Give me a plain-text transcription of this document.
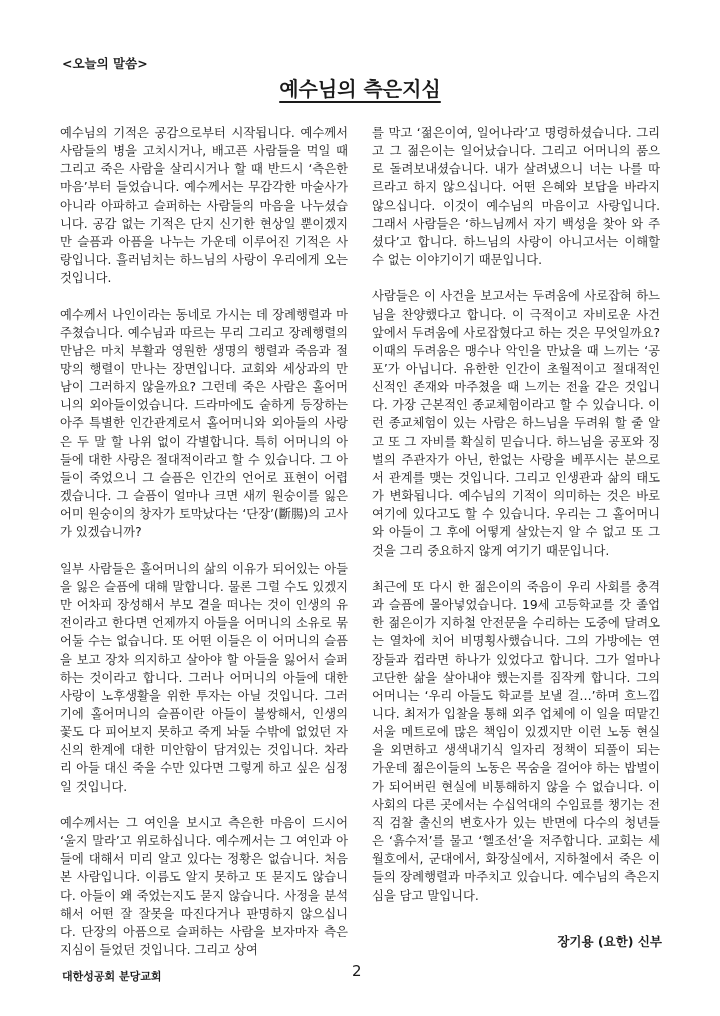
<오늘의 말씀>
예수님의 측은지심

예수님의 기적은 공감으로부터 시작됩니다. 예수께서 사람들의 병을 고치시거나, 배고픈 사람들을 먹일 때 그리고 죽은 사람을 살리시거나 할 때 반드시 ‘측은한 마음’부터 들었습니다. 예수께서는 무감각한 마술사가 아니라 아파하고 슬퍼하는 사람들의 마음을 나누셨습니다. 공감 없는 기적은 단지 신기한 현상일 뿐이겠지만 슬픔과 아픔을 나누는 가운데 이루어진 기적은 사랑입니다. 흘러넘치는 하느님의 사랑이 우리에게 오는 것입니다.

예수께서 나인이라는 동네로 가시는 데 장례행렬과 마주쳤습니다. 예수님과 따르는 무리 그리고 장례행렬의 만남은 마치 부활과 영원한 생명의 행렬과 죽음과 절망의 행렬이 만나는 장면입니다. 교회와 세상과의 만남이 그러하지 않을까요? 그런데 죽은 사람은 홀어머니의 외아들이었습니다. 드라마에도 숱하게 등장하는 아주 특별한 인간관계로서 홀어머니와 외아들의 사랑은 두 말 할 나위 없이 각별합니다. 특히 어머니의 아들에 대한 사랑은 절대적이라고 할 수 있습니다. 그 아들이 죽었으니 그 슬픔은 인간의 언어로 표현이 어렵겠습니다. 그 슬픔이 얼마나 크면 새끼 원숭이를 잃은 어미 원숭이의 창자가 토막났다는 ‘단장’(斷腸)의 고사가 있겠습니까?

일부 사람들은 홀어머니의 삶의 이유가 되어있는 아들을 잃은 슬픔에 대해 말합니다. 물론 그럴 수도 있겠지만 어차피 장성해서 부모 곁을 떠나는 것이 인생의 유전이라고 한다면 언제까지 아들을 어머니의 소유로 묶어둘 수는 없습니다. 또 어떤 이들은 이 어머니의 슬픔을 보고 장차 의지하고 살아야 할 아들을 잃어서 슬퍼하는 것이라고 합니다. 그러나 어머니의 아들에 대한 사랑이 노후생활을 위한 투자는 아닐 것입니다. 그러기에 홀어머니의 슬픔이란 아들이 불쌍해서, 인생의 꽃도 다 피어보지 못하고 죽게 놔둘 수밖에 없었던 자신의 한계에 대한 미안함이 담겨있는 것입니다. 차라리 아들 대신 죽을 수만 있다면 그렇게 하고 싶은 심정일 것입니다.

예수께서는 그 여인을 보시고 측은한 마음이 드시어 ‘울지 말라’고 위로하십니다. 예수께서는 그 여인과 아들에 대해서 미리 알고 있다는 정황은 없습니다. 처음 본 사람입니다. 이름도 알지 못하고 또 묻지도 않습니다. 아들이 왜 죽었는지도 묻지 않습니다. 사정을 분석해서 어떤 잘 잘못을 따진다거나 판명하지 않으십니다. 단장의 아픔으로 슬퍼하는 사람을 보자마자 측은지심이 들었던 것입니다. 그리고 상여

를 막고 ‘젊은이여, 일어나라’고 명령하셨습니다. 그리고 그 젊은이는 일어났습니다. 그리고 어머니의 품으로 돌려보내셨습니다. 내가 살려냈으니 너는 나를 따르라고 하지 않으십니다. 어떤 은혜와 보답을 바라지 않으십니다. 이것이 예수님의 마음이고 사랑입니다. 그래서 사람들은 ‘하느님께서 자기 백성을 찾아 와 주셨다’고 합니다. 하느님의 사랑이 아니고서는 이해할 수 없는 이야기이기 때문입니다.

사람들은 이 사건을 보고서는 두려움에 사로잡혀 하느님을 찬양했다고 합니다. 이 극적이고 자비로운 사건 앞에서 두려움에 사로잡혔다고 하는 것은 무엇일까요? 이때의 두려움은 맹수나 악인을 만났을 때 느끼는 ‘공포’가 아닙니다. 유한한 인간이 초월적이고 절대적인 신적인 존재와 마주쳤을 때 느끼는 전율 같은 것입니다. 가장 근본적인 종교체험이라고 할 수 있습니다. 이런 종교체험이 있는 사람은 하느님을 두려워 할 줄 알고 또 그 자비를 확실히 믿습니다. 하느님을 공포와 징벌의 주관자가 아닌, 한없는 사랑을 베푸시는 분으로서 관계를 맺는 것입니다. 그리고 인생관과 삶의 태도가 변화됩니다. 예수님의 기적이 의미하는 것은 바로 여기에 있다고도 할 수 있습니다. 우리는 그 홀어머니와 아들이 그 후에 어떻게 살았는지 알 수 없고 또 그것을 그리 중요하지 않게 여기기 때문입니다.

최근에 또 다시 한 젊은이의 죽음이 우리 사회를 충격과 슬픔에 몰아넣었습니다. 19세 고등학교를 갓 졸업한 젊은이가 지하철 안전문을 수리하는 도중에 달려오는 열차에 치어 비명횡사했습니다. 그의 가방에는 연장들과 컵라면 하나가 있었다고 합니다. 그가 얼마나 고단한 삶을 살아내야 했는지를 짐작케 합니다. 그의 어머니는 ‘우리 아들도 학교를 보낼 걸…’하며 흐느낍니다. 최저가 입찰을 통해 외주 업체에 이 일을 떠맡긴 서울 메트로에 많은 책임이 있겠지만 이런 노동 현실을 외면하고 생색내기식 일자리 정책이 되풀이 되는 가운데 젊은이들의 노동은 목숨을 걸어야 하는 밥벌이가 되어버린 현실에 비통해하지 않을 수 없습니다. 이 사회의 다른 곳에서는 수십억대의 수임료를 챙기는 전직 검찰 출신의 변호사가 있는 반면에 다수의 청년들은 ‘흙수저’를 물고 ‘헬조선’을 저주합니다. 교회는 세월호에서, 군대에서, 화장실에서, 지하철에서 죽은 이들의 장례행렬과 마주치고 있습니다. 예수님의 측은지심을 담고 말입니다.

장기용 (요한) 신부
대한성공회 분당교회	2
